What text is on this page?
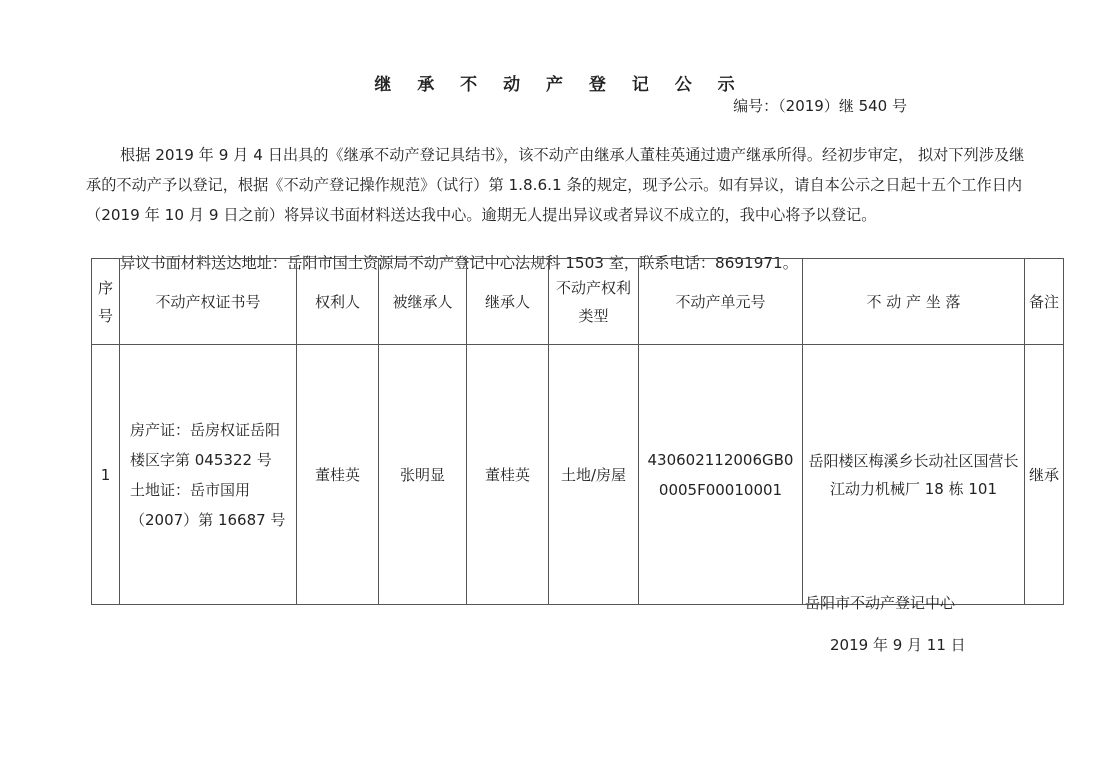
继 承 不 动 产 登 记 公 示
编号：（2019）继 540 号

根据 2019 年 9 月 4 日出具的《继承不动产登记具结书》，该不动产由继承人董桂英通过遗产继承所得。经初步审定， 拟对下列涉及继承的不动产予以登记，根据《不动产登记操作规范》（试行）第 1.8.6.1 条的规定，现予公示。如有异议，请自本公示之日起十五个工作日内（2019 年 10 月 9 日之前）将异议书面材料送达我中心。逾期无人提出异议或者异议不成立的，我中心将予以登记。

异议书面材料送达地址：岳阳市国土资源局不动产登记中心法规科 1503 室，联系电话：8691971。
序号	不动产权证书号	权利人	被继承人	继承人	不动产权利类型	不动产单元号	不 动 产 坐 落	备注
1	房产证：岳房权证岳阳楼区字第 045322 号
土地证：岳市国用（2007）第 16687 号	董桂英	张明显	董桂英	土地/房屋	430602112006GB00005F00010001	岳阳楼区梅溪乡长动社区国营长江动力机械厂 18 栋 101	继承
岳阳市不动产登记中心
2019 年 9 月 11 日
